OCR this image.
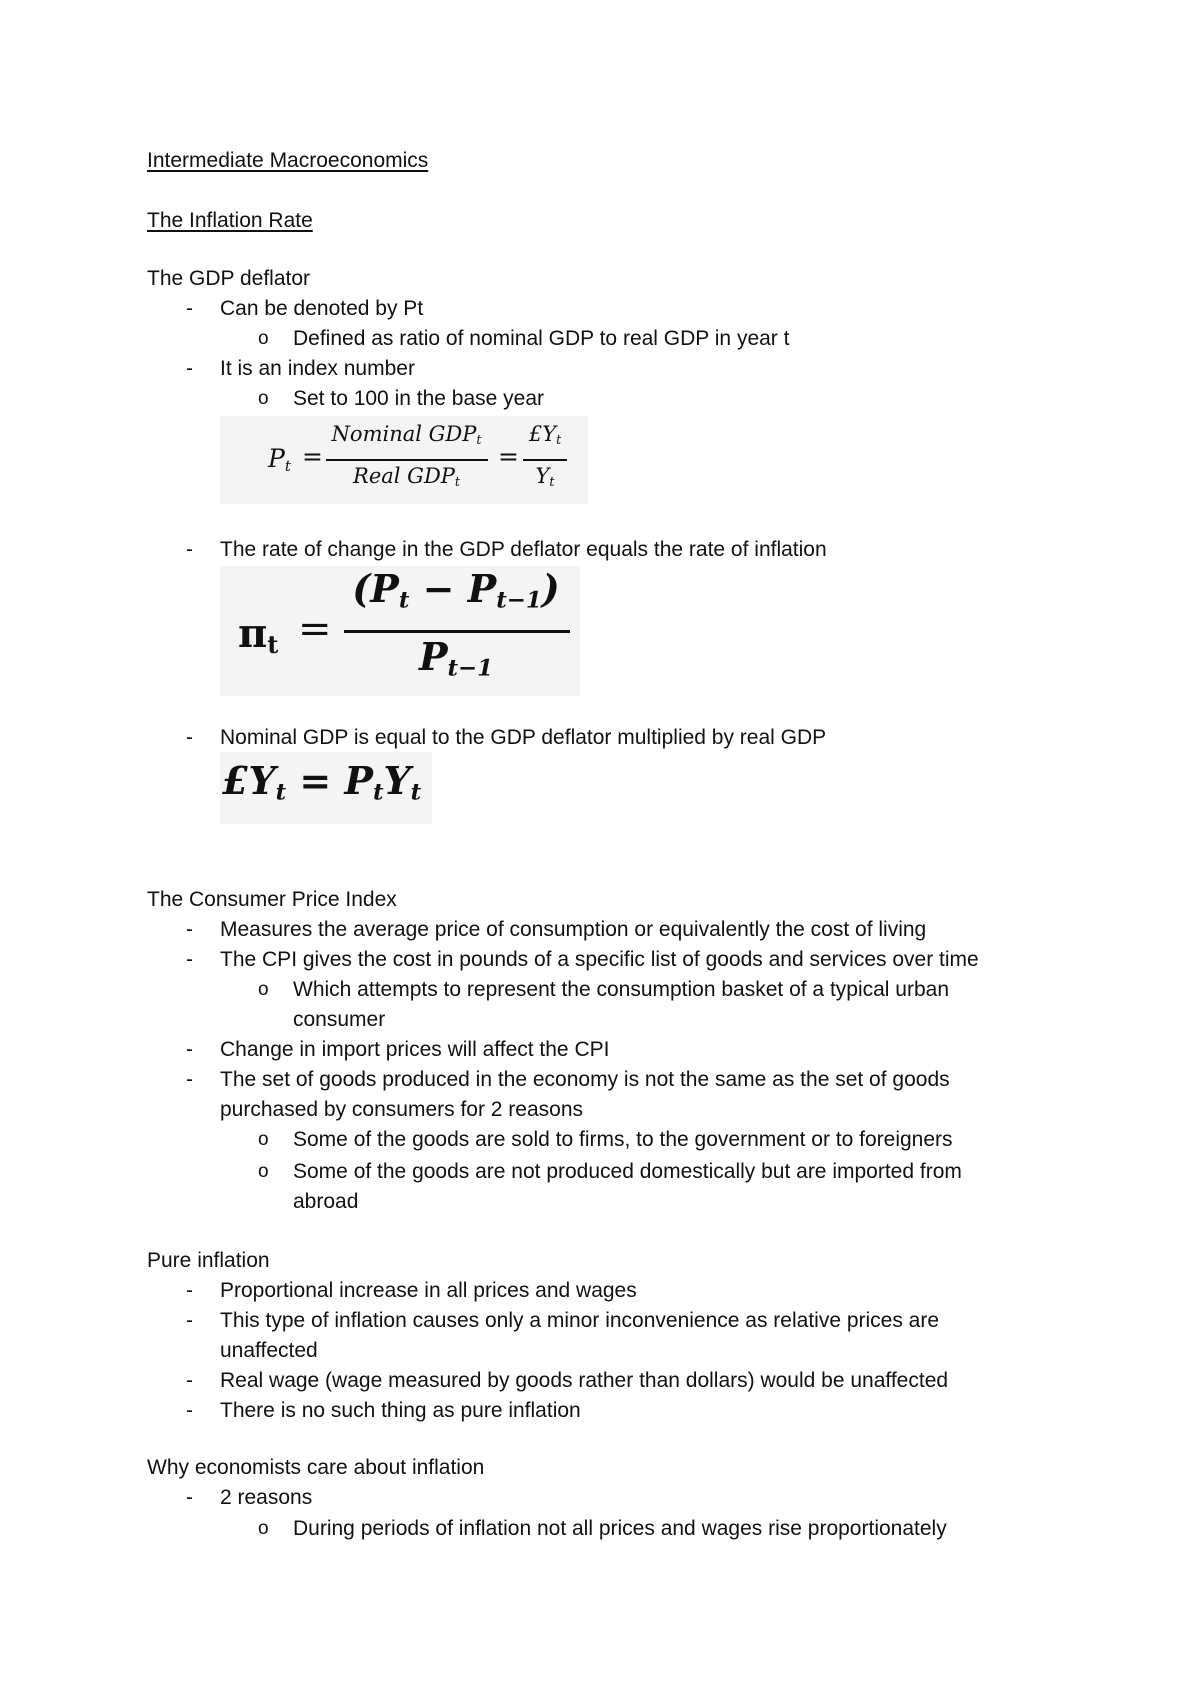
Intermediate Macroeconomics
The Inflation Rate
The GDP deflator
- Can be denoted by Pt
o Defined as ratio of nominal GDP to real GDP in year t
- It is an index number
o Set to 100 in the base year
$P_t$ =
Nominal $GDP_t$
Real $GDP_t$
=
$£Y_t$
$Y_t$
- The rate of change in the GDP deflator equals the rate of inflation
$\pi_t$ =
$(P_t - P_{t-1})$
$P_{t-1}$
- Nominal GDP is equal to the GDP deflator multiplied by real GDP
$£Y_t = P_tY_t$
The Consumer Price Index
- Measures the average price of consumption or equivalently the cost of living
- The CPI gives the cost in pounds of a specific list of goods and services over time
o Which attempts to represent the consumption basket of a typical urban
consumer
- Change in import prices will affect the CPI
- The set of goods produced in the economy is not the same as the set of goods
purchased by consumers for 2 reasons
o Some of the goods are sold to firms, to the government or to foreigners
o Some of the goods are not produced domestically but are imported from
abroad
Pure inflation
- Proportional increase in all prices and wages
- This type of inflation causes only a minor inconvenience as relative prices are
unaffected
- Real wage (wage measured by goods rather than dollars) would be unaffected
- There is no such thing as pure inflation
Why economists care about inflation
- 2 reasons
o During periods of inflation not all prices and wages rise proportionately
